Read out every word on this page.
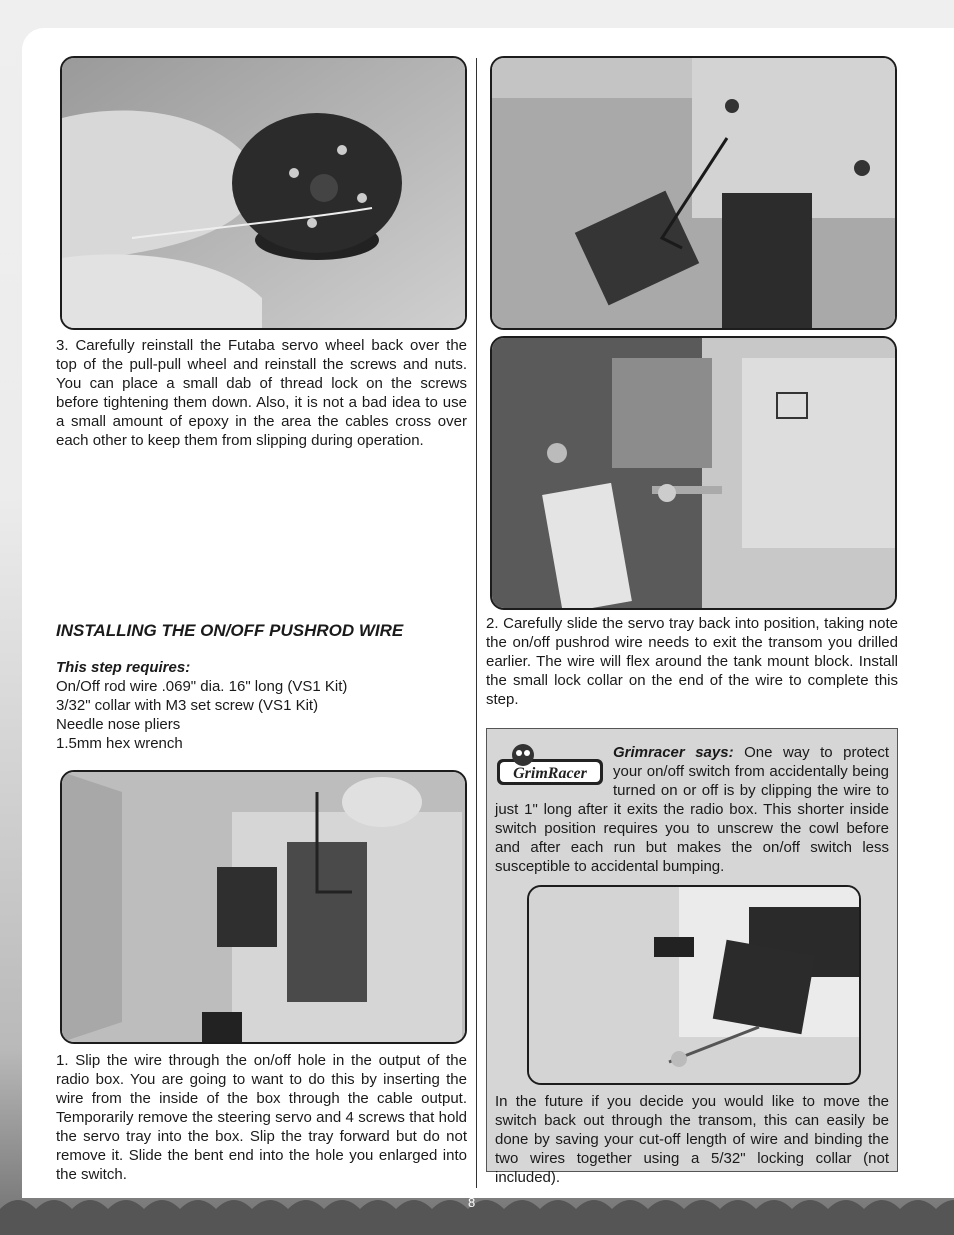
8

3. Carefully reinstall the Futaba servo wheel back over the top of the pull-pull wheel and reinstall the screws and nuts. You can place a small dab of thread lock on the screws before tightening them down. Also, it is not a bad idea to use a small amount of epoxy in the area the cables cross over each other to keep them from slipping during operation.

INSTALLING THE ON/OFF PUSHROD WIRE

This step requires:

On/Off rod wire .069" dia. 16" long (VS1 Kit)

3/32" collar with M3 set screw (VS1 Kit)

Needle nose pliers

1.5mm hex wrench

1. Slip the wire through the on/off hole in the output of the radio box. You are going to want to do this by inserting the wire from the inside of the box through the cable output. Temporarily remove the steering servo and 4 screws that hold the servo tray into the box. Slip the tray forward but do not remove it. Slide the bent end into the hole you enlarged into the switch.

2. Carefully slide the servo tray back into position, taking note the on/off pushrod wire needs to exit the transom you drilled earlier. The wire will flex around the tank mount block. Install the small lock collar on the end of the wire to complete this step.

GrimRacer

Grimracer says: One way to protect your on/off switch from accidentally being turned on or off is by clipping the wire to just 1" long after it exits the radio box. This shorter inside switch position requires you to unscrew the cowl before and after each run but makes the on/off switch less susceptible to accidental bumping.

In the future if you decide you would like to move the switch back out through the transom, this can easily be done by saving your cut-off length of wire and binding the two wires together using a 5/32" locking collar (not included).
